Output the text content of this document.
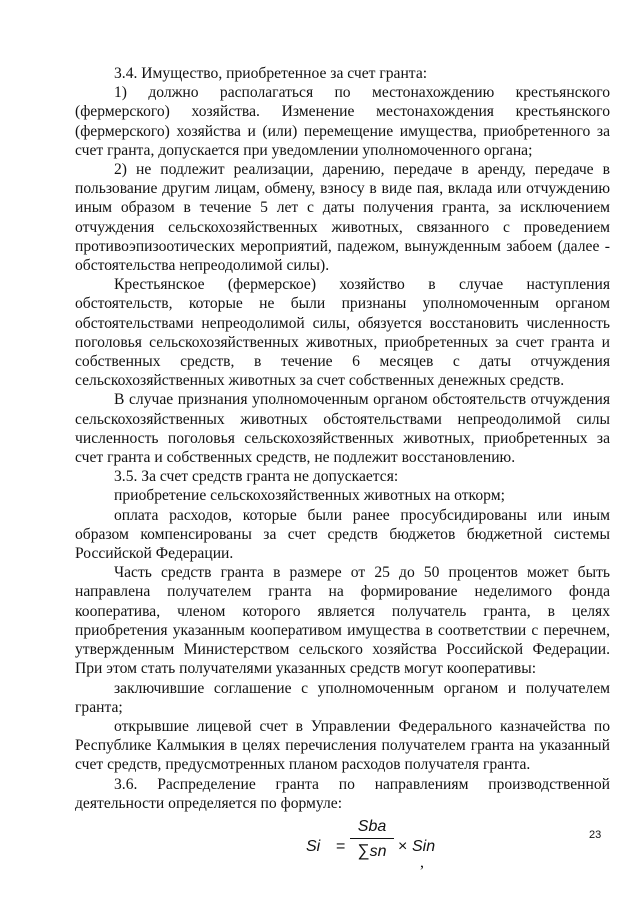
3.4. Имущество, приобретенное за счет гранта:

1) должно располагаться по местонахождению крестьянского (фермерского) хозяйства. Изменение местонахождения крестьянского (фермерского) хозяйства и (или) перемещение имущества, приобретенного за счет гранта, допускается при уведомлении уполномоченного органа;

2) не подлежит реализации, дарению, передаче в аренду, передаче в пользование другим лицам, обмену, взносу в виде пая, вклада или отчуждению иным образом в течение 5 лет с даты получения гранта, за исключением отчуждения сельскохозяйственных животных, связанного с проведением противоэпизоотических мероприятий, падежом, вынужденным забоем (далее - обстоятельства непреодолимой силы).

Крестьянское (фермерское) хозяйство в случае наступления обстоятельств, которые не были признаны уполномоченным органом обстоятельствами непреодолимой силы, обязуется восстановить численность поголовья сельскохозяйственных животных, приобретенных за счет гранта и собственных средств, в течение 6 месяцев с даты отчуждения сельскохозяйственных животных за счет собственных денежных средств.

В случае признания уполномоченным органом обстоятельств отчуждения сельскохозяйственных животных обстоятельствами непреодолимой силы численность поголовья сельскохозяйственных животных, приобретенных за счет гранта и собственных средств, не подлежит восстановлению.

3.5. За счет средств гранта не допускается:

приобретение сельскохозяйственных животных на откорм;

оплата расходов, которые были ранее просубсидированы или иным образом компенсированы за счет средств бюджетов бюджетной системы Российской Федерации.

Часть средств гранта в размере от 25 до 50 процентов может быть направлена получателем гранта на формирование неделимого фонда кооператива, членом которого является получатель гранта, в целях приобретения указанным кооперативом имущества в соответствии с перечнем, утвержденным Министерством сельского хозяйства Российской Федерации. При этом стать получателями указанных средств могут кооперативы:

заключившие соглашение с уполномоченным органом и получателем гранта;

открывшие лицевой счет в Управлении Федерального казначейства по Республике Калмыкия в целях перечисления получателем гранта на указанный счет средств, предусмотренных планом расходов получателя гранта.

3.6. Распределение гранта по направлениям производственной деятельности определяется по формуле:

Si =
Sba
∑sn × Sin
,
23
